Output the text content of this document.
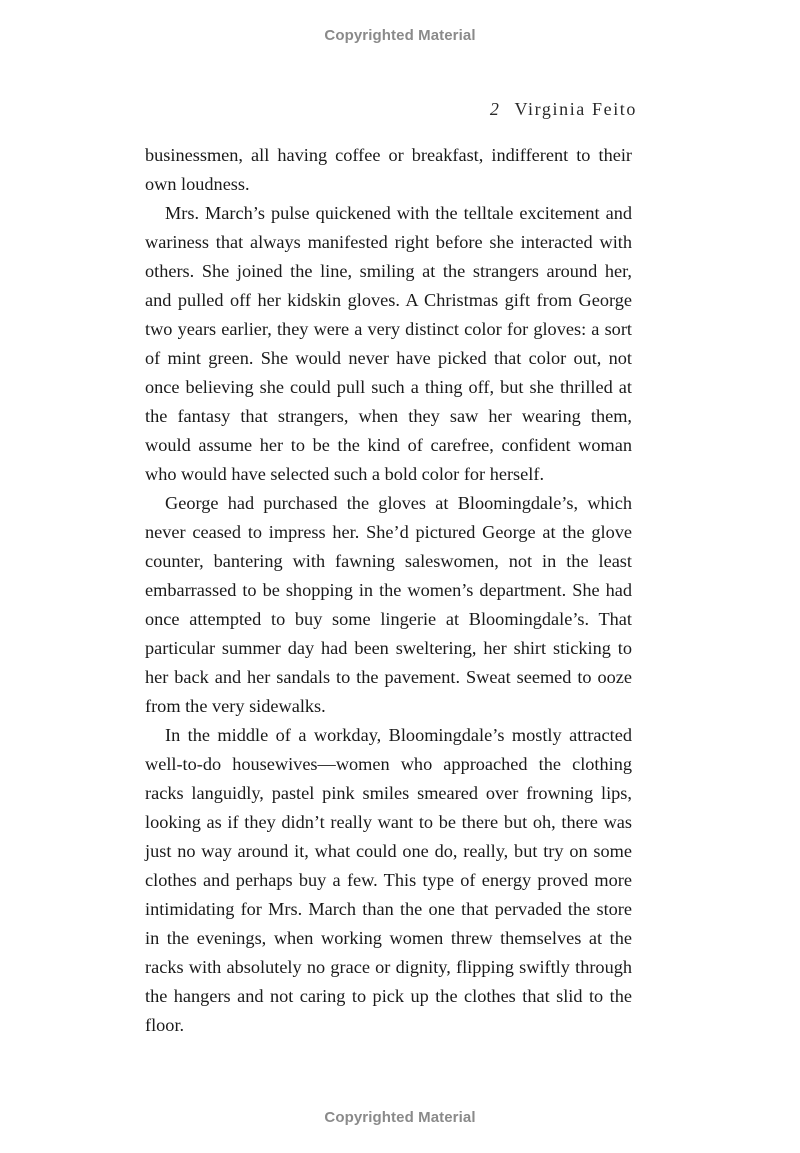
Copyrighted Material
2 Virginia Feito

businessmen, all having coffee or breakfast, indifferent to their own loudness.

Mrs. March’s pulse quickened with the telltale excitement and wariness that always manifested right before she interacted with others. She joined the line, smiling at the strangers around her, and pulled off her kidskin gloves. A Christmas gift from George two years earlier, they were a very distinct color for gloves: a sort of mint green. She would never have picked that color out, not once believing she could pull such a thing off, but she thrilled at the fantasy that strangers, when they saw her wearing them, would assume her to be the kind of carefree, confident woman who would have selected such a bold color for herself.

George had purchased the gloves at Bloomingdale’s, which never ceased to impress her. She’d pictured George at the glove counter, bantering with fawning saleswomen, not in the least embarrassed to be shopping in the women’s department. She had once attempted to buy some lingerie at Bloomingdale’s. That particular summer day had been sweltering, her shirt sticking to her back and her sandals to the pavement. Sweat seemed to ooze from the very sidewalks.

In the middle of a workday, Bloomingdale’s mostly attracted well-to-do housewives—women who approached the clothing racks languidly, pastel pink smiles smeared over frowning lips, looking as if they didn’t really want to be there but oh, there was just no way around it, what could one do, really, but try on some clothes and perhaps buy a few. This type of energy proved more intimidating for Mrs. March than the one that pervaded the store in the evenings, when working women threw themselves at the racks with absolutely no grace or dignity, flipping swiftly through the hangers and not caring to pick up the clothes that slid to the floor.

Copyrighted Material
